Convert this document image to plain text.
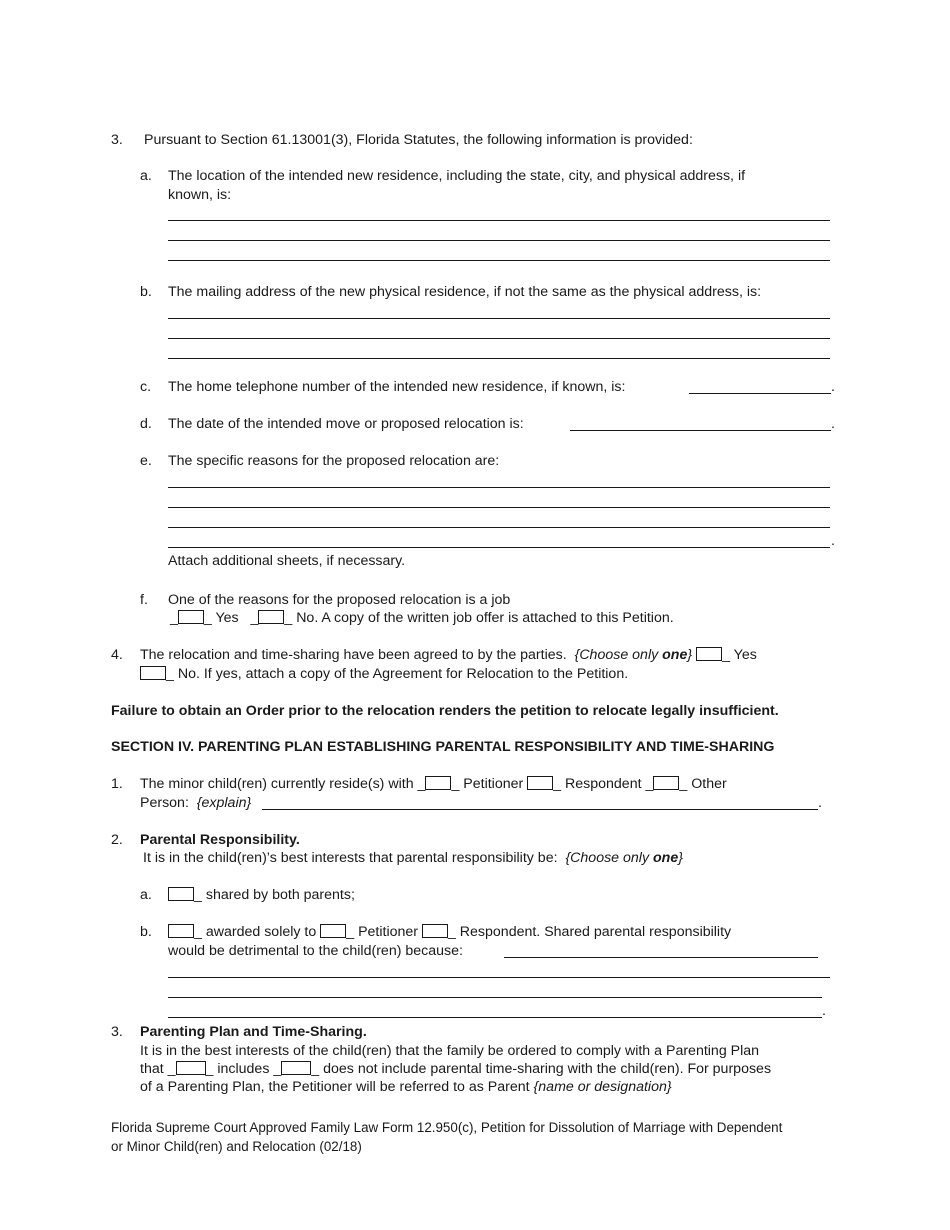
3. Pursuant to Section 61.13001(3), Florida Statutes, the following information is provided:
a. The location of the intended new residence, including the state, city, and physical address, if
known, is:
b. The mailing address of the new physical residence, if not the same as the physical address, is:
c. The home telephone number of the intended new residence, if known, is:	.
d. The date of the intended move or proposed relocation is:	.
e. The specific reasons for the proposed relocation are:
.
Attach additional sheets, if necessary.
f. One of the reasons for the proposed relocation is a job
_ _ Yes   _ _ No. A copy of the written job offer is attached to this Petition.
4. The relocation and time-sharing have been agreed to by the parties. {Choose only one} _ Yes
_ No. If yes, attach a copy of the Agreement for Relocation to the Petition.
Failure to obtain an Order prior to the relocation renders the petition to relocate legally insufficient.
SECTION IV. PARENTING PLAN ESTABLISHING PARENTAL RESPONSIBILITY AND TIME-SHARING
1. The minor child(ren) currently reside(s) with _ _ Petitioner _ Respondent _ _ Other
Person: {explain}	.
2. Parental Responsibility.
It is in the child(ren)’s best interests that parental responsibility be: {Choose only one}
a.	_ shared by both parents;
b.	_ awarded solely to _ Petitioner _ Respondent. Shared parental responsibility
would be detrimental to the child(ren) because:
.
3. Parenting Plan and Time-Sharing.
It is in the best interests of the child(ren) that the family be ordered to comply with a Parenting Plan
that _ _ includes _ _ does not include parental time-sharing with the child(ren). For purposes
of a Parenting Plan, the Petitioner will be referred to as Parent {name or designation}
Florida Supreme Court Approved Family Law Form 12.950(c), Petition for Dissolution of Marriage with Dependent
or Minor Child(ren) and Relocation (02/18)
